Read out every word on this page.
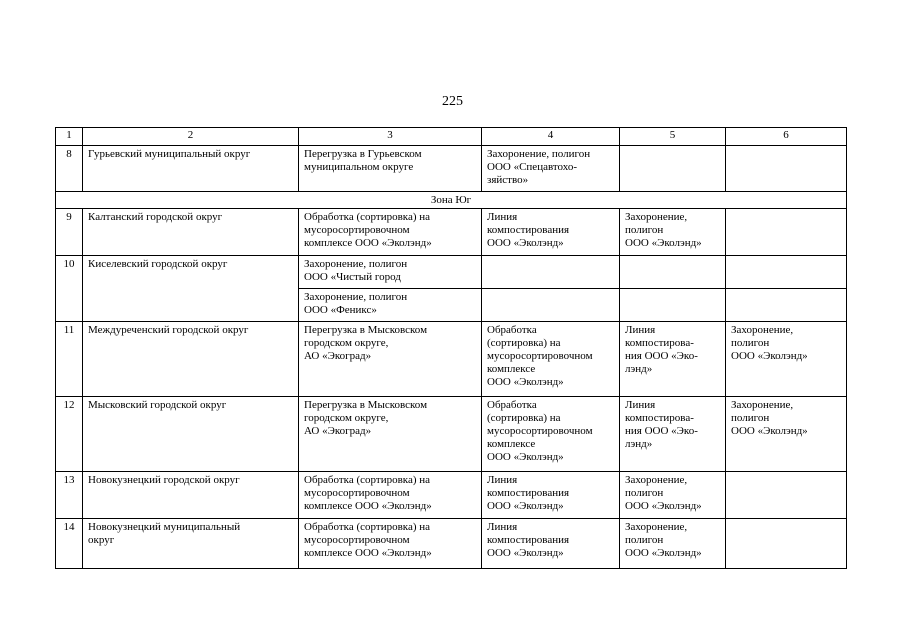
225
1	2	3	4	5	6
8	Гурьевский муниципальный округ	Перегрузка в Гурьевском
муниципальном округе	Захоронение, полигон
ООО «Спецавтохо-
зяйство»		

Зона Юг					
9	Калтанский городской округ	Обработка (сортировка) на
мусоросортировочном
комплексе ООО «Эколэнд»	Линия
компостирования
ООО «Эколэнд»	Захоронение,
полигон
ООО «Эколэнд»	

10	Киселевский городской округ	Захоронение, полигон
ООО «Чистый город			

		Захоронение, полигон
ООО «Феникс»			

11	Междуреченский городской округ	Перегрузка в Мысковском
городском округе,
АО «Экоград»	Обработка
(сортировка) на
мусоросортировочном
комплексе
ООО «Эколэнд»	Линия
компостирова-
ния ООО «Эко-
лэнд»	Захоронение,
полигон
ООО «Эколэнд»

12	Мысковский городской округ	Перегрузка в Мысковском
городском округе,
АО «Экоград»	Обработка
(сортировка) на
мусоросортировочном
комплексе
ООО «Эколэнд»	Линия
компостирова-
ния ООО «Эко-
лэнд»	Захоронение,
полигон
ООО «Эколэнд»

13	Новокузнецкий городской округ	Обработка (сортировка) на
мусоросортировочном
комплексе ООО «Эколэнд»	Линия
компостирования
ООО «Эколэнд»	Захоронение,
полигон
ООО «Эколэнд»	

14	Новокузнецкий муниципальный
округ	Обработка (сортировка) на
мусоросортировочном
комплексе ООО «Эколэнд»	Линия
компостирования
ООО «Эколэнд»	Захоронение,
полигон
ООО «Эколэнд»	
